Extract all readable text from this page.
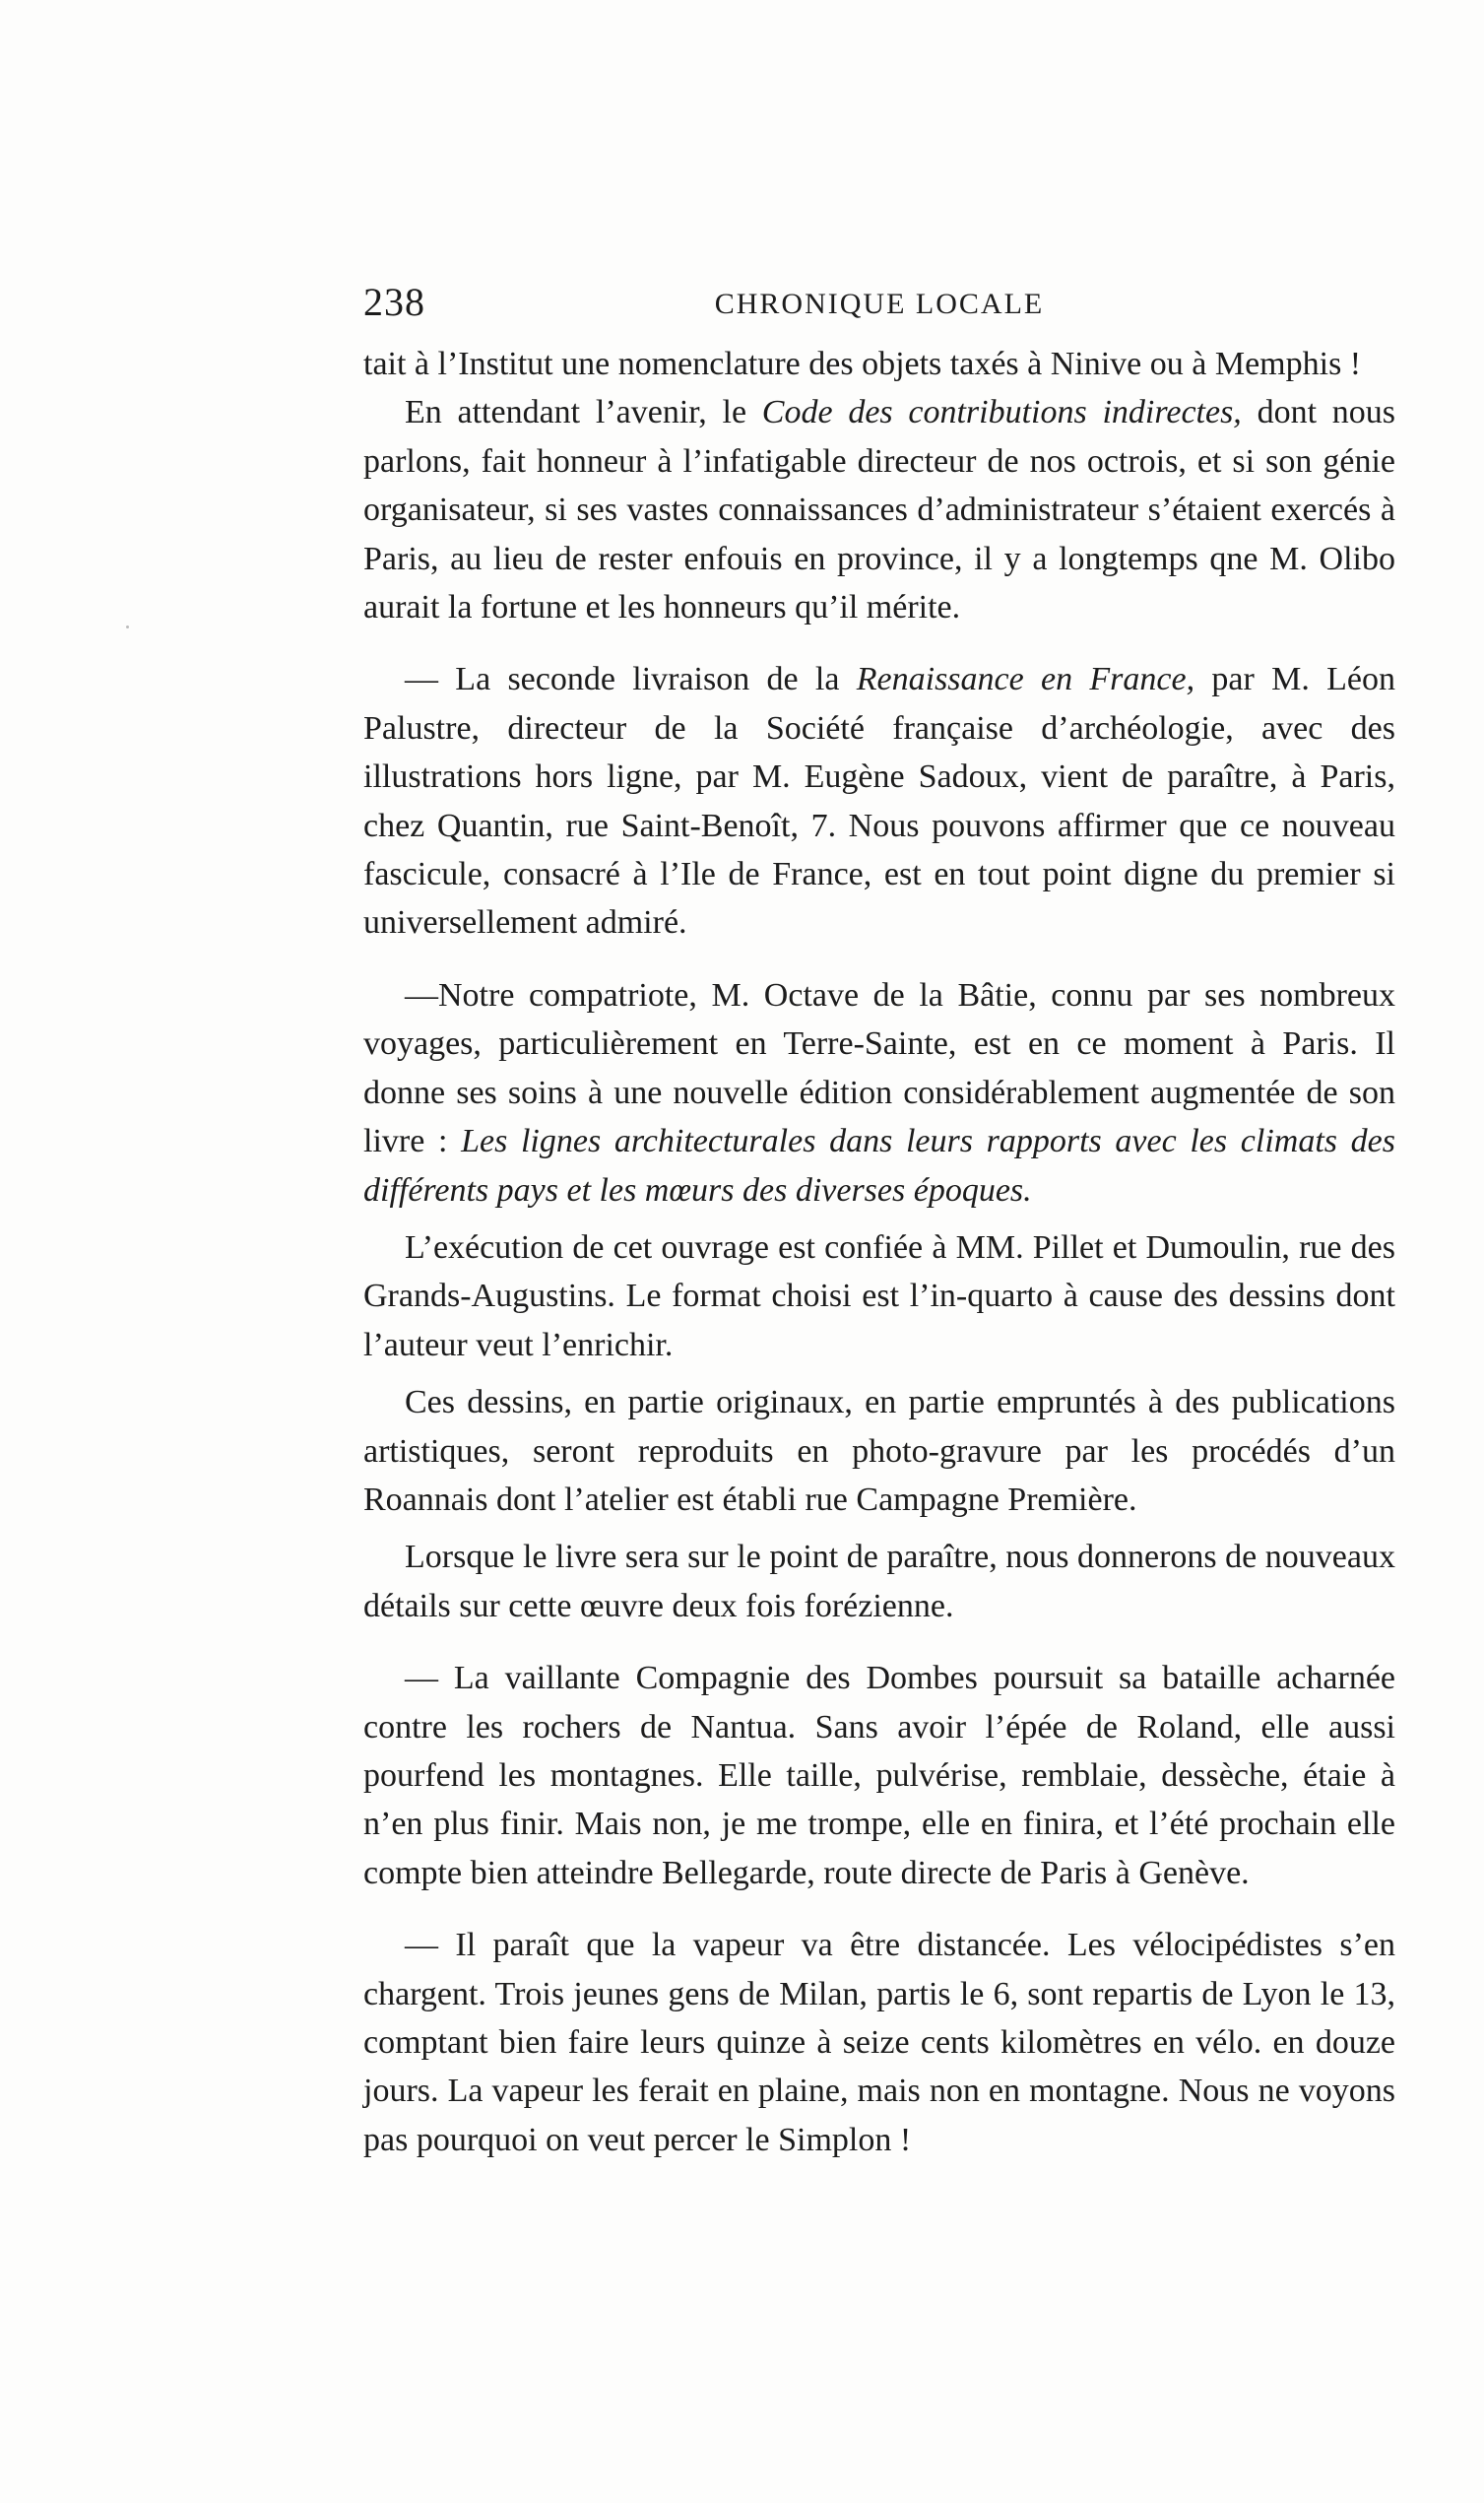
238	CHRONIQUE LOCALE

tait à l’Institut une nomenclature des objets taxés à Ninive ou à Memphis !

En attendant l’avenir, le Code des contributions indirectes, dont nous parlons, fait honneur à l’infatigable directeur de nos octrois, et si son génie organisateur, si ses vastes connaissances d’administrateur s’étaient exercés à Paris, au lieu de rester enfouis en province, il y a longtemps qne M. Olibo aurait la fortune et les honneurs qu’il mérite.

— La seconde livraison de la Renaissance en France, par M. Léon Palustre, directeur de la Société française d’archéologie, avec des illustrations hors ligne, par M. Eugène Sadoux, vient de paraître, à Paris, chez Quantin, rue Saint-Benoît, 7. Nous pouvons affirmer que ce nouveau fascicule, consacré à l’Ile de France, est en tout point digne du premier si universellement admiré.

—Notre compatriote, M. Octave de la Bâtie, connu par ses nombreux voyages, particulièrement en Terre-Sainte, est en ce moment à Paris. Il donne ses soins à une nouvelle édition considérablement augmentée de son livre : Les lignes architecturales dans leurs rapports avec les climats des différents pays et les mœurs des diverses époques.

L’exécution de cet ouvrage est confiée à MM. Pillet et Dumoulin, rue des Grands-Augustins. Le format choisi est l’in-quarto à cause des dessins dont l’auteur veut l’enrichir.

Ces dessins, en partie originaux, en partie empruntés à des publications artistiques, seront reproduits en photo-gravure par les procédés d’un Roannais dont l’atelier est établi rue Campagne Première.

Lorsque le livre sera sur le point de paraître, nous donnerons de nouveaux détails sur cette œuvre deux fois forézienne.

— La vaillante Compagnie des Dombes poursuit sa bataille acharnée contre les rochers de Nantua. Sans avoir l’épée de Roland, elle aussi pourfend les montagnes. Elle taille, pulvérise, remblaie, dessèche, étaie à n’en plus finir. Mais non, je me trompe, elle en finira, et l’été prochain elle compte bien atteindre Bellegarde, route directe de Paris à Genève.

— Il paraît que la vapeur va être distancée. Les vélocipédistes s’en chargent. Trois jeunes gens de Milan, partis le 6, sont repartis de Lyon le 13, comptant bien faire leurs quinze à seize cents kilomètres en vélo. en douze jours. La vapeur les ferait en plaine, mais non en montagne. Nous ne voyons pas pourquoi on veut percer le Simplon !
